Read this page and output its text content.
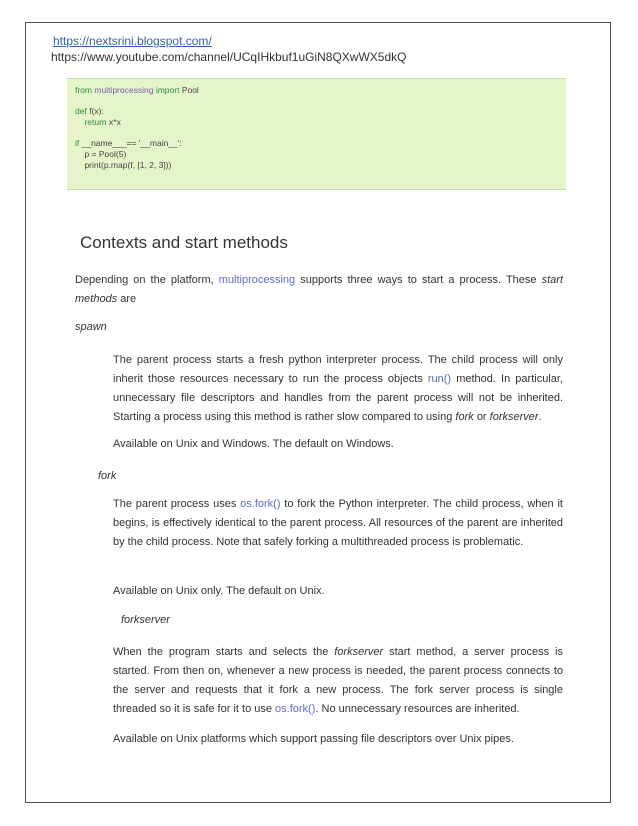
https://nextsrini.blogspot.com/
https://www.youtube.com/channel/UCqIHkbuf1uGiN8QXwWX5dkQ
from multiprocessing import Pool
def f(x):
return x*x
if __name___== '__main__':
p = Pool(5)
print(p.map(f, [1, 2, 3]))
Contexts and start methods
Depending on the platform, multiprocessing supports three ways to start a process. These start methods are
spawn
The parent process starts a fresh python interpreter process. The child process will only inherit those resources necessary to run the process objects run() method. In particular, unnecessary file descriptors and handles from the parent process will not be inherited. Starting a process using this method is rather slow compared to using fork or forkserver.
Available on Unix and Windows. The default on Windows.
fork
The parent process uses os.fork() to fork the Python interpreter. The child process, when it begins, is effectively identical to the parent process. All resources of the parent are inherited by the child process. Note that safely forking a multithreaded process is problematic.
Available on Unix only. The default on Unix.
forkserver
When the program starts and selects the forkserver start method, a server process is started. From then on, whenever a new process is needed, the parent process connects to the server and requests that it fork a new process. The fork server process is single threaded so it is safe for it to use os.fork(). No unnecessary resources are inherited.
Available on Unix platforms which support passing file descriptors over Unix pipes.
